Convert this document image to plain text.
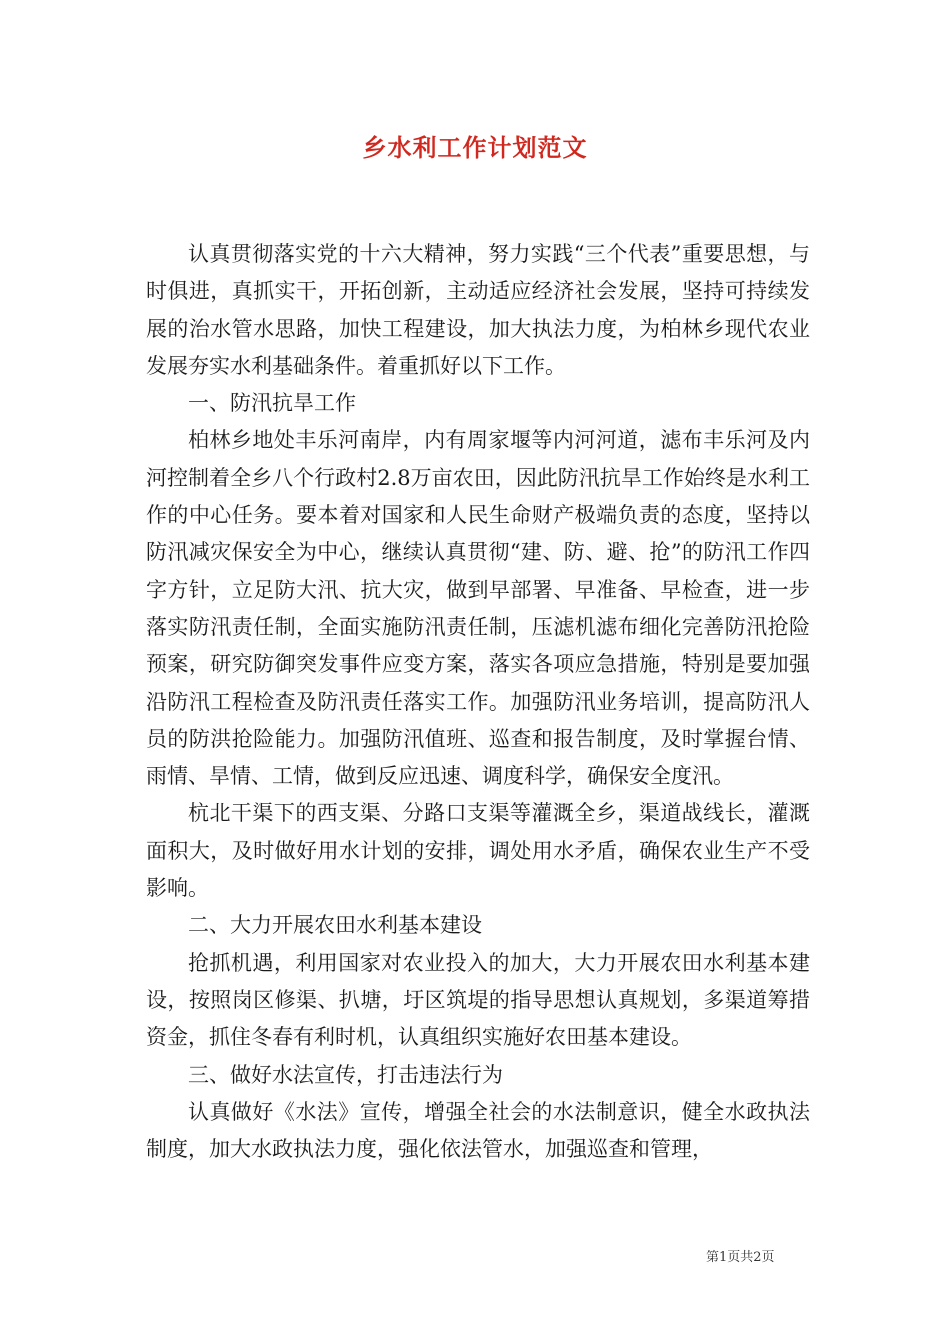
乡水利工作计划范文

认真贯彻落实党的十六大精神，努力实践“三个代表”重要思想，与时俱进，真抓实干，开拓创新，主动适应经济社会发展，坚持可持续发展的治水管水思路，加快工程建设，加大执法力度，为柏林乡现代农业发展夯实水利基础条件。着重抓好以下工作。

一、防汛抗旱工作

柏林乡地处丰乐河南岸，内有周家堰等内河河道，滤布丰乐河及内河控制着全乡八个行政村2.8万亩农田，因此防汛抗旱工作始终是水利工作的中心任务。要本着对国家和人民生命财产极端负责的态度，坚持以防汛减灾保安全为中心，继续认真贯彻“建、防、避、抢”的防汛工作四字方针，立足防大汛、抗大灾，做到早部署、早准备、早检查，进一步落实防汛责任制，全面实施防汛责任制，压滤机滤布细化完善防汛抢险预案，研究防御突发事件应变方案，落实各项应急措施，特别是要加强沿防汛工程检查及防汛责任落实工作。加强防汛业务培训，提高防汛人员的防洪抢险能力。加强防汛值班、巡查和报告制度，及时掌握台情、雨情、旱情、工情，做到反应迅速、调度科学，确保安全度汛。

杭北干渠下的西支渠、分路口支渠等灌溉全乡，渠道战线长，灌溉面积大，及时做好用水计划的安排，调处用水矛盾，确保农业生产不受影响。

二、大力开展农田水利基本建设

抢抓机遇，利用国家对农业投入的加大，大力开展农田水利基本建设，按照岗区修渠、扒塘，圩区筑堤的指导思想认真规划，多渠道筹措资金，抓住冬春有利时机，认真组织实施好农田基本建设。

三、做好水法宣传，打击违法行为

认真做好《水法》宣传，增强全社会的水法制意识，健全水政执法制度，加大水政执法力度，强化依法管水，加强巡查和管理，

第1页共2页
